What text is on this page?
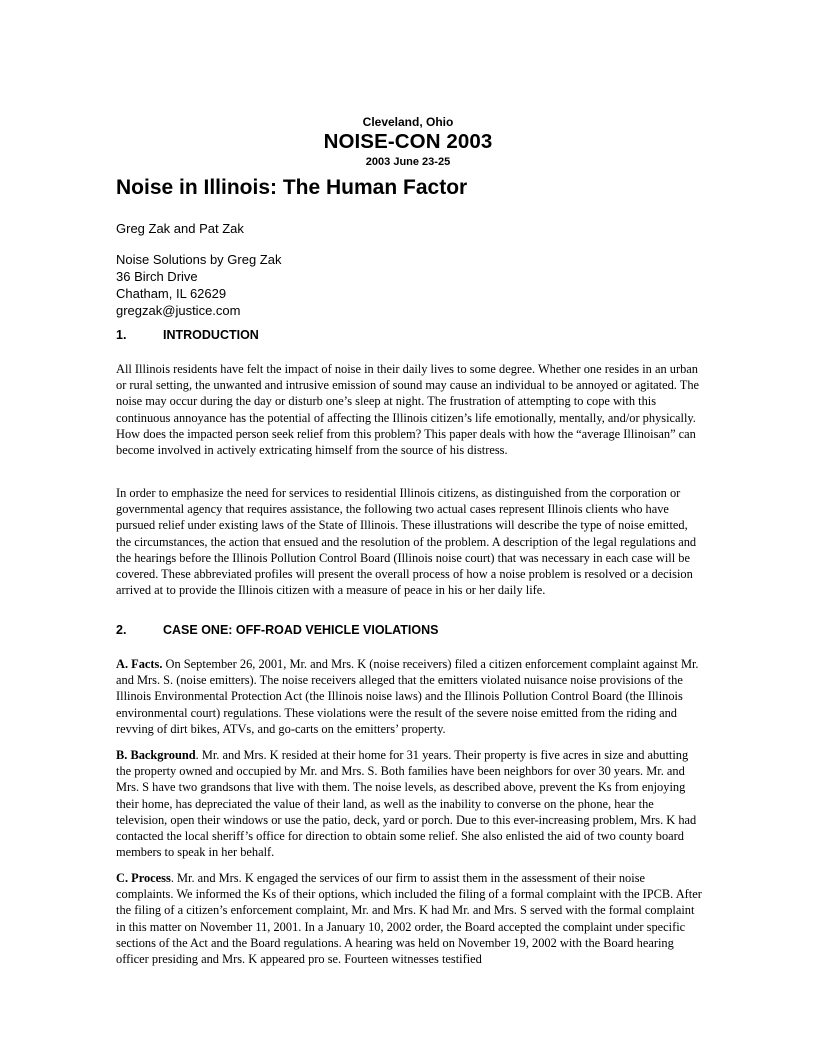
Cleveland, Ohio

NOISE-CON 2003

2003 June 23-25

Noise in Illinois: The Human Factor

Greg Zak and Pat Zak

Noise Solutions by Greg Zak
36 Birch Drive
Chatham, IL 62629
gregzak@justice.com
1.	INTRODUCTION

All Illinois residents have felt the impact of noise in their daily lives to some degree. Whether one resides in an urban or rural setting, the unwanted and intrusive emission of sound may cause an individual to be annoyed or agitated. The noise may occur during the day or disturb one’s sleep at night. The frustration of attempting to cope with this continuous annoyance has the potential of affecting the Illinois citizen’s life emotionally, mentally, and/or physically. How does the impacted person seek relief from this problem? This paper deals with how the “average Illinoisan” can become involved in actively extricating himself from the source of his distress.

In order to emphasize the need for services to residential Illinois citizens, as distinguished from the corporation or governmental agency that requires assistance, the following two actual cases represent Illinois clients who have pursued relief under existing laws of the State of Illinois. These illustrations will describe the type of noise emitted, the circumstances, the action that ensued and the resolution of the problem. A description of the legal regulations and the hearings before the Illinois Pollution Control Board (Illinois noise court) that was necessary in each case will be covered. These abbreviated profiles will present the overall process of how a noise problem is resolved or a decision arrived at to provide the Illinois citizen with a measure of peace in his or her daily life.

2.	CASE ONE: OFF-ROAD VEHICLE VIOLATIONS

A. Facts. On September 26, 2001, Mr. and Mrs. K (noise receivers) filed a citizen enforcement complaint against Mr. and Mrs. S. (noise emitters). The noise receivers alleged that the emitters violated nuisance noise provisions of the Illinois Environmental Protection Act (the Illinois noise laws) and the Illinois Pollution Control Board (the Illinois environmental court) regulations. These violations were the result of the severe noise emitted from the riding and revving of dirt bikes, ATVs, and go-carts on the emitters’ property.

B. Background. Mr. and Mrs. K resided at their home for 31 years. Their property is five acres in size and abutting the property owned and occupied by Mr. and Mrs. S. Both families have been neighbors for over 30 years. Mr. and Mrs. S have two grandsons that live with them. The noise levels, as described above, prevent the Ks from enjoying their home, has depreciated the value of their land, as well as the inability to converse on the phone, hear the television, open their windows or use the patio, deck, yard or porch. Due to this ever-increasing problem, Mrs. K had contacted the local sheriff’s office for direction to obtain some relief. She also enlisted the aid of two county board members to speak in her behalf.

C. Process. Mr. and Mrs. K engaged the services of our firm to assist them in the assessment of their noise complaints. We informed the Ks of their options, which included the filing of a formal complaint with the IPCB. After the filing of a citizen’s enforcement complaint, Mr. and Mrs. K had Mr. and Mrs. S served with the formal complaint in this matter on November 11, 2001. In a January 10, 2002 order, the Board accepted the complaint under specific sections of the Act and the Board regulations. A hearing was held on November 19, 2002 with the Board hearing officer presiding and Mrs. K appeared pro se. Fourteen witnesses testified
